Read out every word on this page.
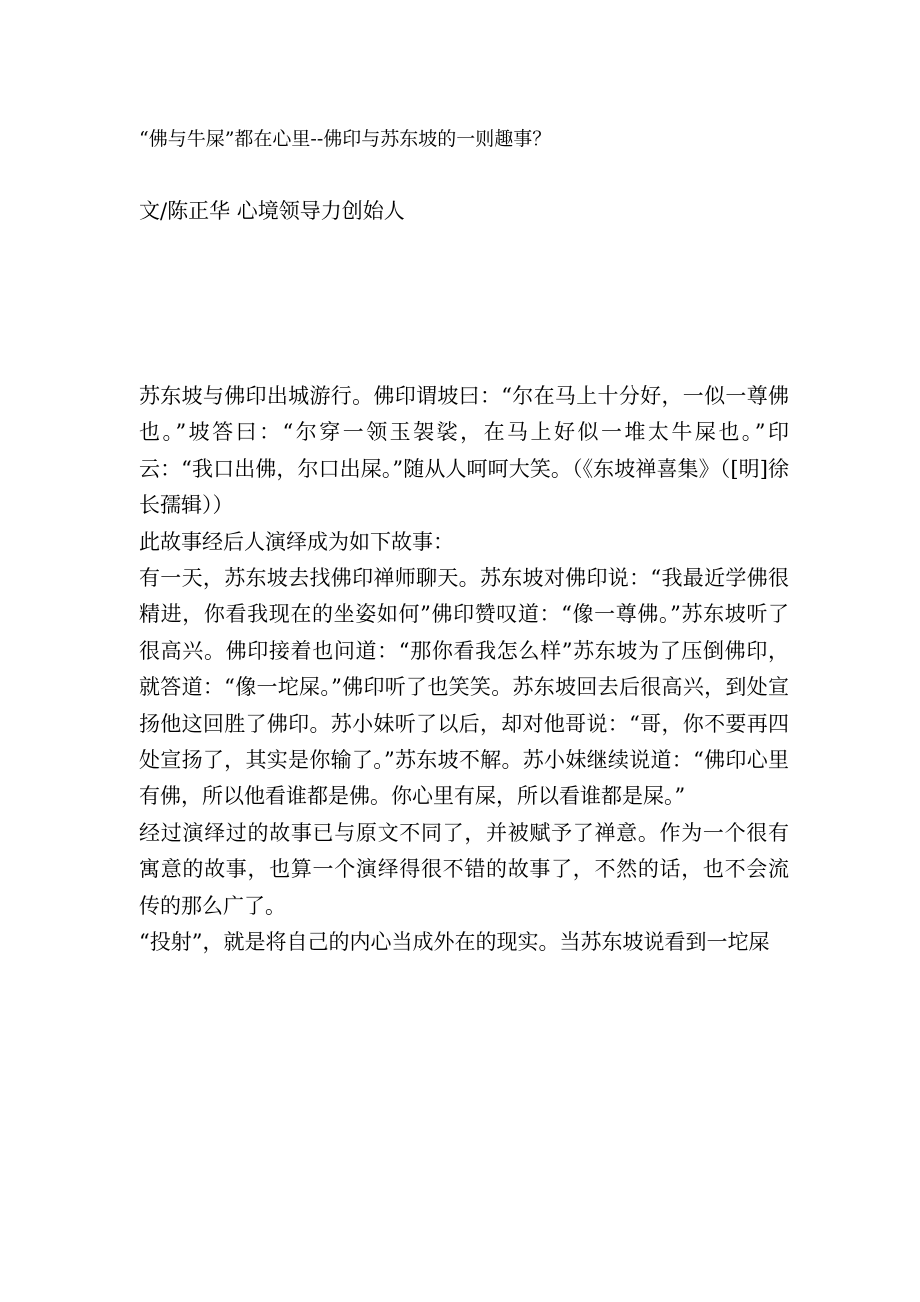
“佛与牛屎”都在心里--佛印与苏东坡的一则趣事？
文/陈正华 心境领导力创始人

苏东坡与佛印出城游行。佛印谓坡曰：“尔在马上十分好，一似一尊佛也。”坡答曰：“尔穿一领玉袈裟，在马上好似一堆太牛屎也。”印云：“我口出佛，尔口出屎。”随从人呵呵大笑。（《东坡禅喜集》（[明]徐长孺辑））

此故事经后人演绎成为如下故事：

有一天，苏东坡去找佛印禅师聊天。苏东坡对佛印说：“我最近学佛很精进，你看我现在的坐姿如何”佛印赞叹道：“像一尊佛。”苏东坡听了很高兴。佛印接着也问道：“那你看我怎么样”苏东坡为了压倒佛印，就答道：“像一坨屎。”佛印听了也笑笑。苏东坡回去后很高兴，到处宣扬他这回胜了佛印。苏小妹听了以后，却对他哥说：“哥，你不要再四处宣扬了，其实是你输了。”苏东坡不解。苏小妹继续说道：“佛印心里有佛，所以他看谁都是佛。你心里有屎，所以看谁都是屎。”

经过演绎过的故事已与原文不同了，并被赋予了禅意。作为一个很有寓意的故事，也算一个演绎得很不错的故事了，不然的话，也不会流传的那么广了。

“投射”，就是将自己的内心当成外在的现实。当苏东坡说看到一坨屎
